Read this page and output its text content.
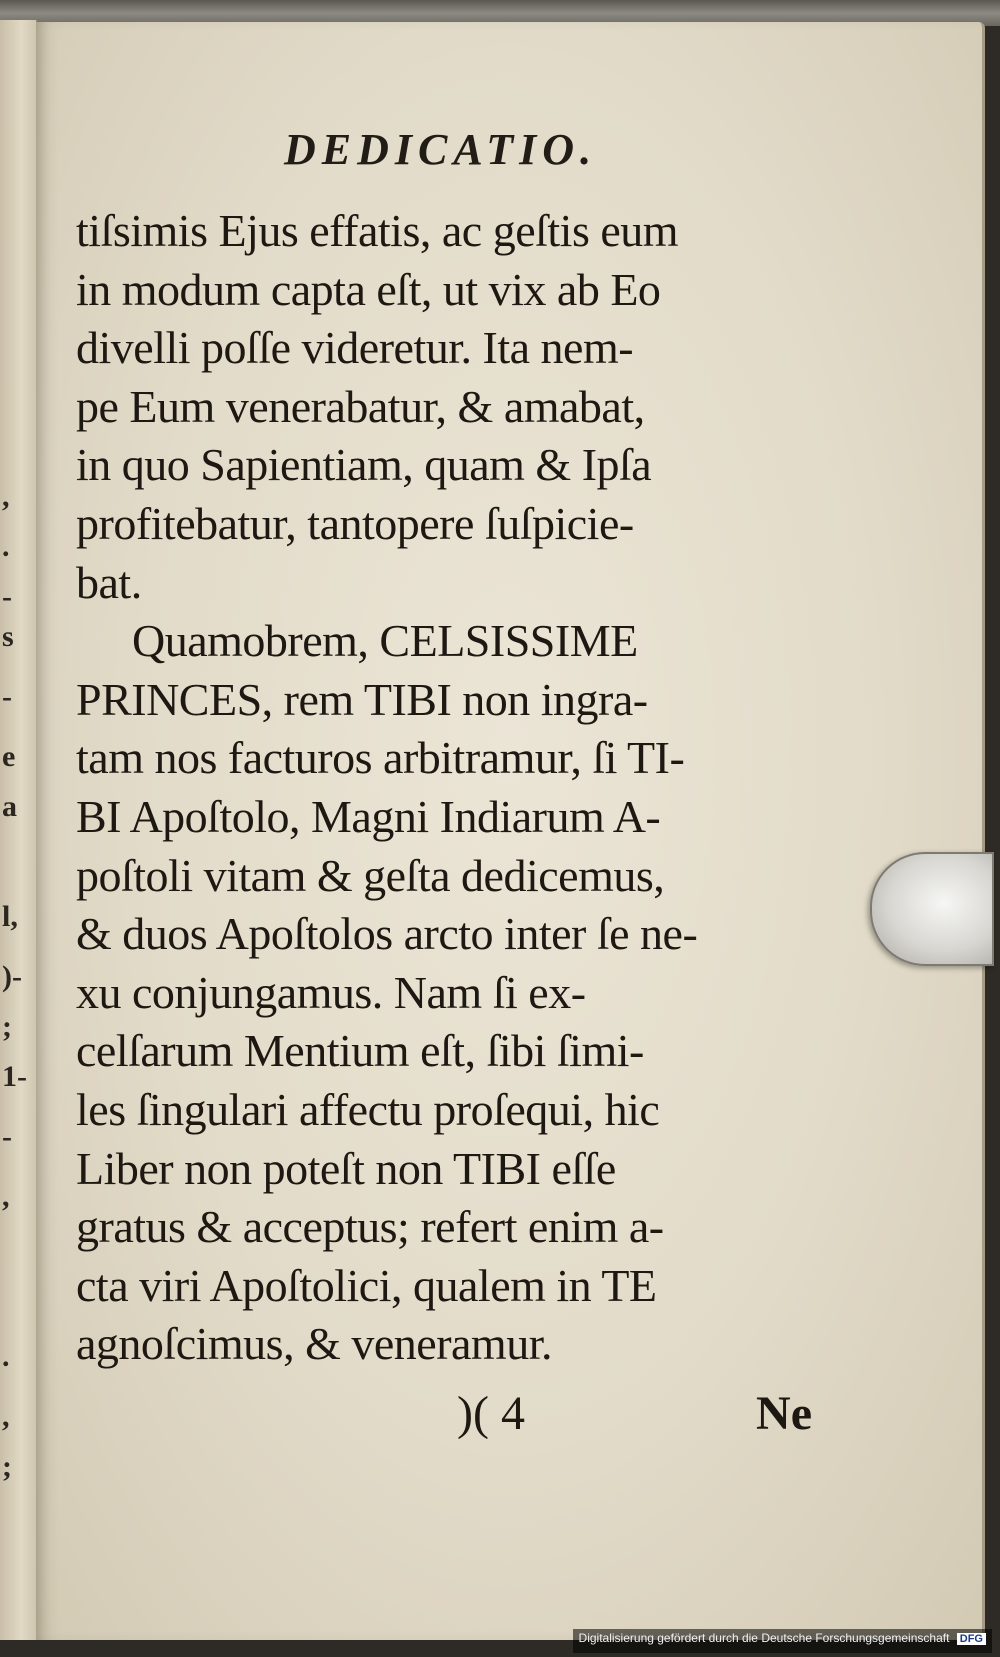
,
.
-
s
-
e
a
l,
)-
;
1-
-
,
.
,
;
DEDICATIO.
tiſsimis Ejus effatis, ac geſtis eum
in modum capta eſt, ut vix ab Eo
divelli poſſe videretur. Ita nem-
pe Eum venerabatur, & amabat,
in quo Sapientiam, quam & Ipſa
profitebatur, tantopere ſuſpicie-
bat.
Quamobrem, CELSISSIME
PRINCES, rem TIBI non ingra-
tam nos facturos arbitramur, ſi TI-
BI Apoſtolo, Magni Indiarum A-
poſtoli vitam & geſta dedicemus,
& duos Apoſtolos arcto inter ſe ne-
xu conjungamus. Nam ſi ex-
celſarum Mentium eſt, ſibi ſimi-
les ſingulari affectu proſequi, hic
Liber non poteſt non TIBI eſſe
gratus & acceptus; refert enim a-
cta viri Apoſtolici, qualem in TE
agnoſcimus, & veneramur.
)( 4	Ne
Digitalisierung gefördert durch die Deutsche Forschungsgemeinschaft DFG
